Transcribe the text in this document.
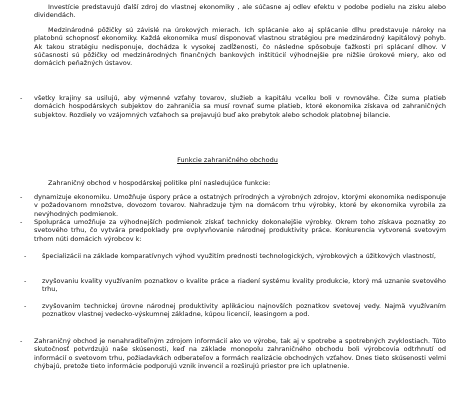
Investície predstavujú ďalší zdroj do vlastnej ekonomiky , ale súčasne aj odlev efektu v podobe podielu na zisku alebo dividendách.

Medzinárodné pôžičky sú závislé na úrokových mierach. Ich splácanie ako aj splácanie dlhu predstavuje nároky na platobnú schopnosť ekonomiky. Každá ekonomika musí disponovať vlastnou stratégiou pre medzinárodný kapitálový pohyb. Ak takou stratégiu nedisponuje, dochádza k vysokej zadĺženosti, čo následne spôsobuje ťažkosti pri splácaní dlhov. V súčasnosti sú pôžičky od medzinárodných finančných bankových inštitúcií výhodnejšie pre nižšie úrokové miery, ako od domácich peňažných ústavov.

-	všetky krajiny sa usilujú, aby výmenné vzťahy tovarov, služieb a kapitálu vcelku boli v rovnováhe. Čiže suma platieb domácich hospodárskych subjektov do zahraničia sa musí rovnať sume platieb, ktoré ekonomika získava od zahraničných subjektov. Rozdiely vo vzájomných vzťahoch sa prejavujú buď ako prebytok alebo schodok platobnej bilancie.
Funkcie zahraničného obchodu

Zahraničný obchod v hospodárskej politike plní nasledujúce funkcie:

-	dynamizuje ekonomiku. Umožňuje úspory práce a ostatných prírodných a výrobných zdrojov, ktorými ekonomika nedisponuje v požadovanom množstve, dovozom tovarov. Nahradzuje tým na domácom trhu výrobky, ktoré by ekonomika vyrobila za nevýhodných podmienok.
-	Spolupráca umožňuje za výhodnejších podmienok získať technicky dokonalejšie výrobky. Okrem toho získava poznatky zo svetového trhu, čo vytvára predpoklady pre ovplyvňovanie národnej produktivity práce. Konkurencia vytvorená svetovým trhom núti domácich výrobcov k:
-	špecializácii na základe komparatívnych výhod využitím prednosti technologických, výrobkových a úžitkových vlastností,
-	zvyšovaniu kvality využívaním poznatkov o kvalite práce a riadení systému kvality produkcie, ktorý má uznanie svetového trhu,
-	zvyšovaním technickej úrovne národnej produktivity aplikáciou najnovších poznatkov svetovej vedy. Najmä využívaním poznatkov vlastnej vedecko-výskumnej základne, kúpou licencií, leasingom a pod.
-	Zahraničný obchod je nenahraditeľným zdrojom informácií ako vo výrobe, tak aj v spotrebe a spotrebných zvyklostiach. Túto skutočnosť potvrdzujú naše skúsenosti, keď na základe monopolu zahraničného obchodu boli výrobcovia odtrhnutí od informácií o svetovom trhu, požiadavkách odberateľov a formách realizácie obchodných vzťahov. Dnes tieto skúsenosti velmi chýbajú, pretože tieto informácie podporujú vznik invencií a rozširujú priestor pre ich uplatnenie.
